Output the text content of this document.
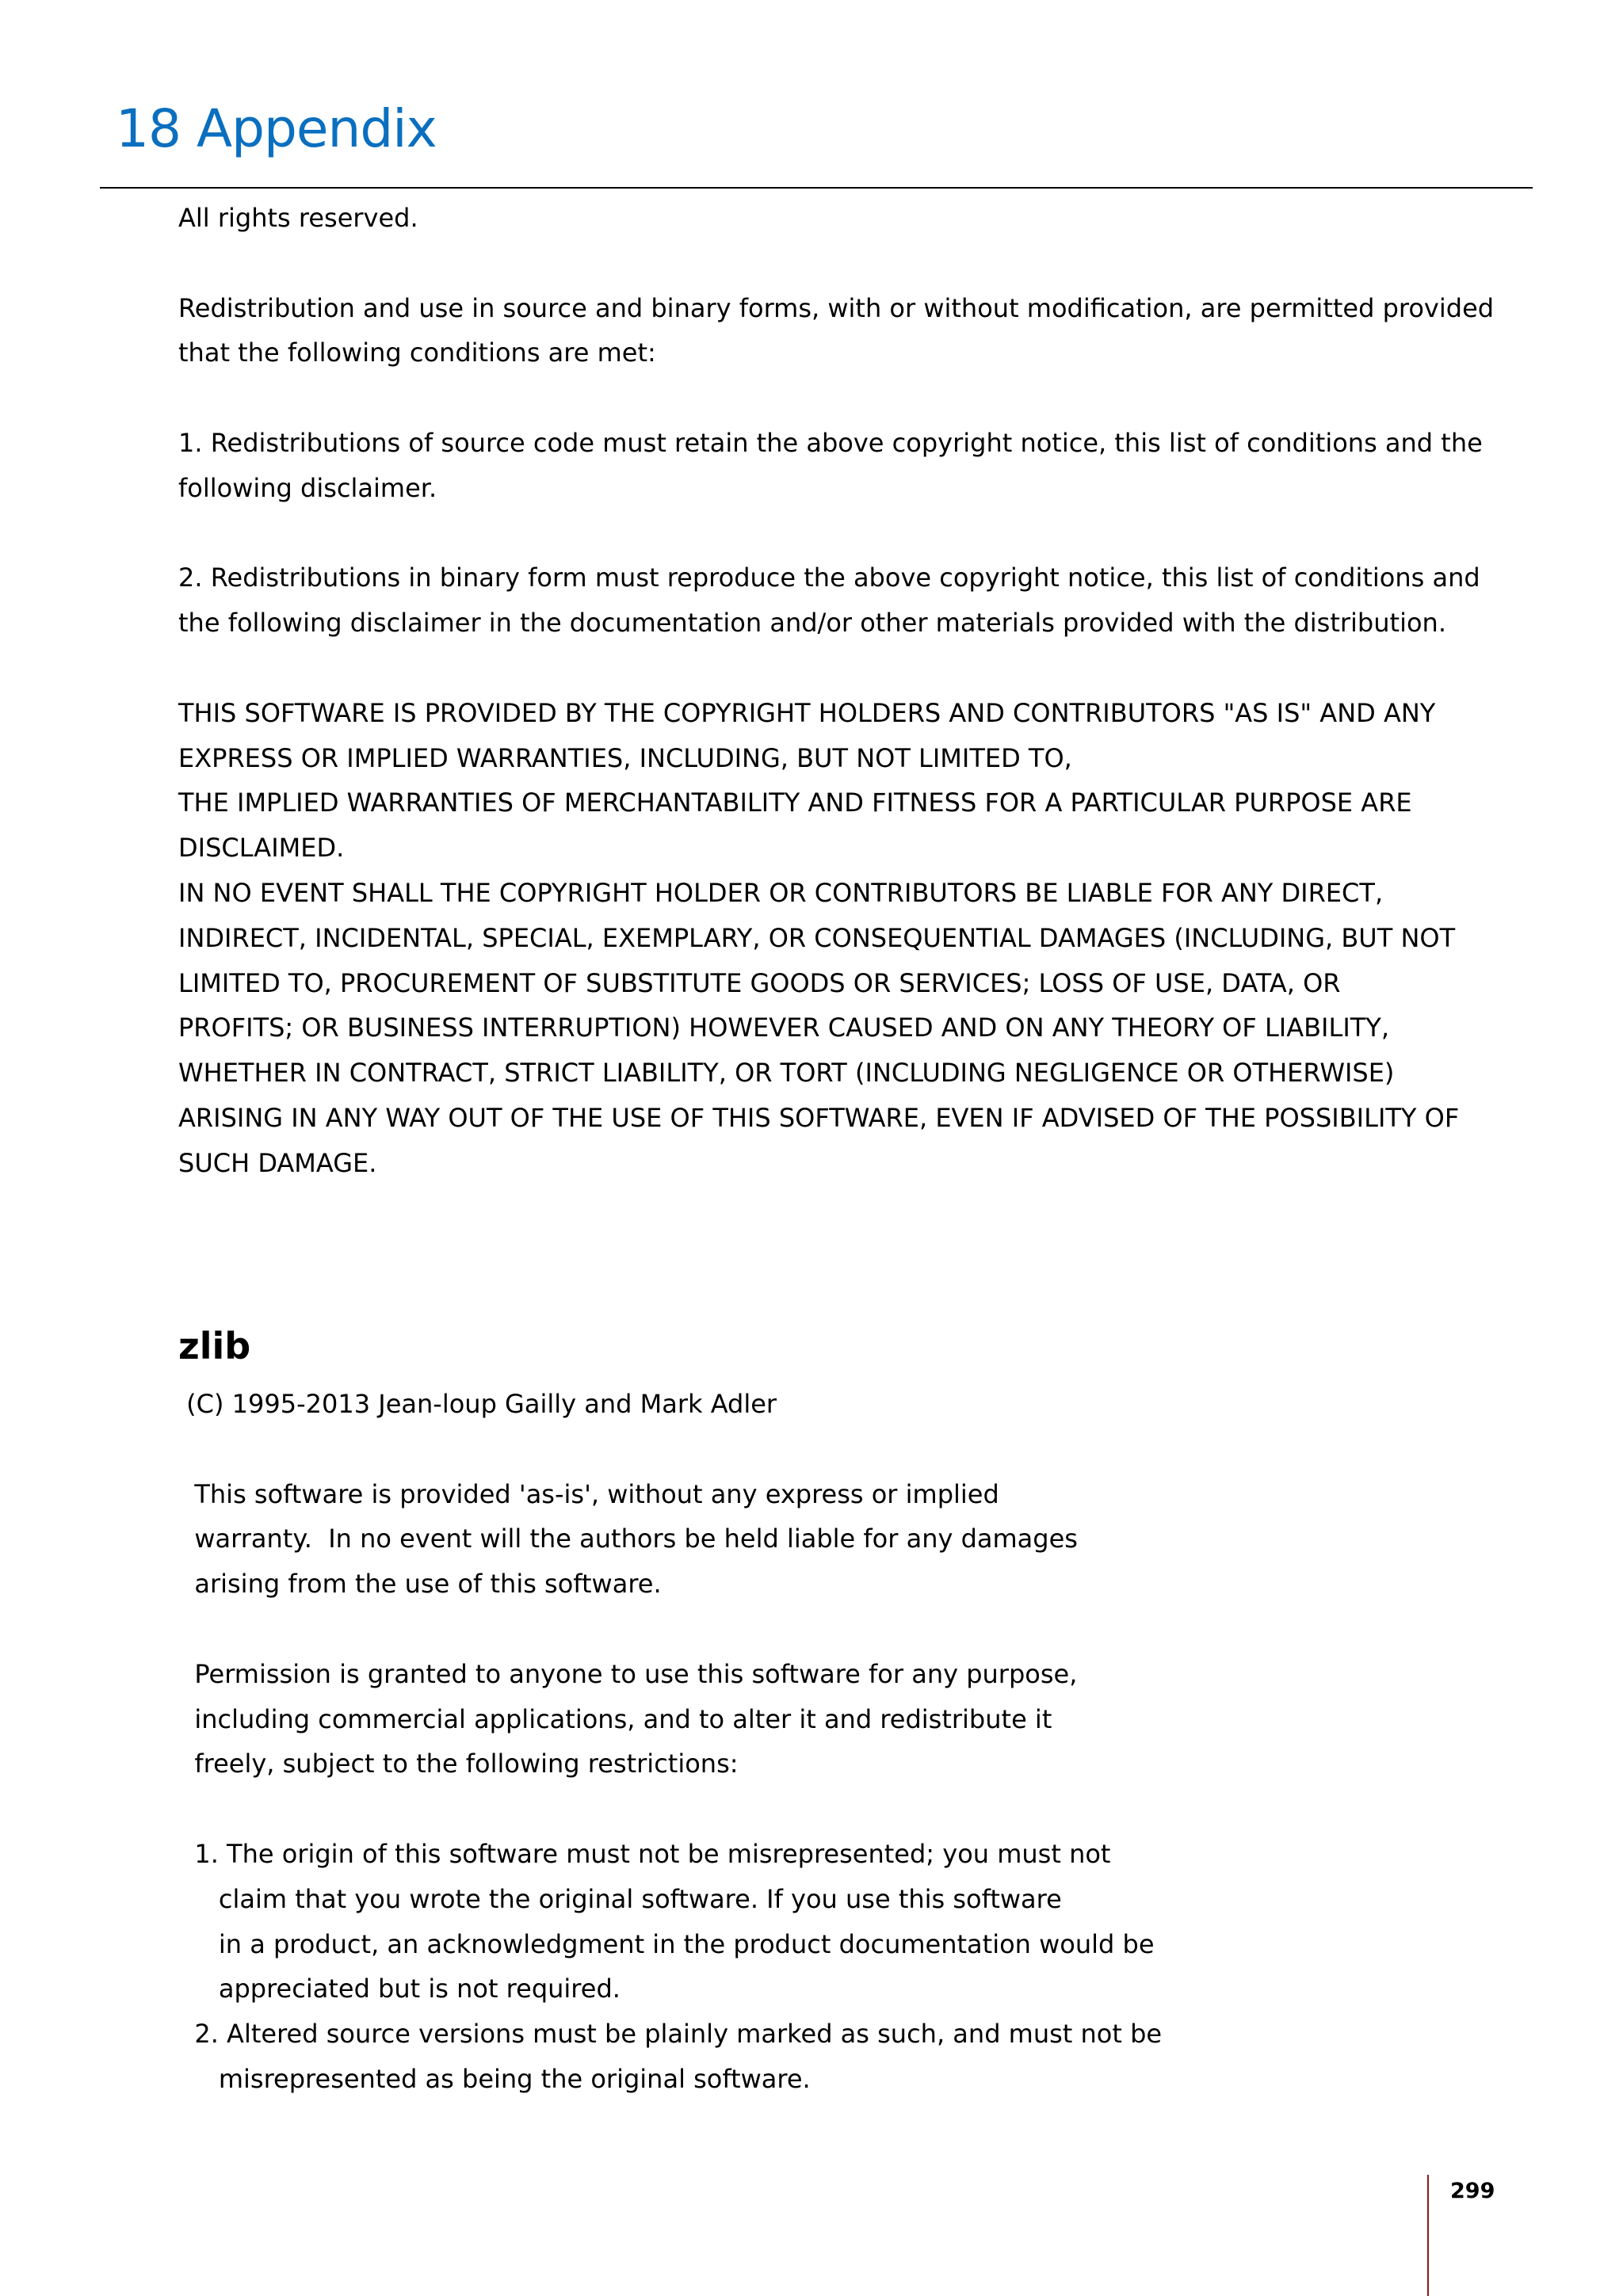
18 Appendix
All rights reserved.
Redistribution and use in source and binary forms, with or without modification, are permitted provided
that the following conditions are met:
1. Redistributions of source code must retain the above copyright notice, this list of conditions and the
following disclaimer.
2. Redistributions in binary form must reproduce the above copyright notice, this list of conditions and
the following disclaimer in the documentation and/or other materials provided with the distribution.
THIS SOFTWARE IS PROVIDED BY THE COPYRIGHT HOLDERS AND CONTRIBUTORS "AS IS" AND ANY
EXPRESS OR IMPLIED WARRANTIES, INCLUDING, BUT NOT LIMITED TO,
THE IMPLIED WARRANTIES OF MERCHANTABILITY AND FITNESS FOR A PARTICULAR PURPOSE ARE
DISCLAIMED.
IN NO EVENT SHALL THE COPYRIGHT HOLDER OR CONTRIBUTORS BE LIABLE FOR ANY DIRECT,
INDIRECT, INCIDENTAL, SPECIAL, EXEMPLARY, OR CONSEQUENTIAL DAMAGES (INCLUDING, BUT NOT
LIMITED TO, PROCUREMENT OF SUBSTITUTE GOODS OR SERVICES; LOSS OF USE, DATA, OR
PROFITS; OR BUSINESS INTERRUPTION) HOWEVER CAUSED AND ON ANY THEORY OF LIABILITY,
WHETHER IN CONTRACT, STRICT LIABILITY, OR TORT (INCLUDING NEGLIGENCE OR OTHERWISE)
ARISING IN ANY WAY OUT OF THE USE OF THIS SOFTWARE, EVEN IF ADVISED OF THE POSSIBILITY OF
SUCH DAMAGE.
zlib
(C) 1995-2013 Jean-loup Gailly and Mark Adler
This software is provided 'as-is', without any express or implied
warranty.  In no event will the authors be held liable for any damages
arising from the use of this software.
Permission is granted to anyone to use this software for any purpose,
including commercial applications, and to alter it and redistribute it
freely, subject to the following restrictions:
1. The origin of this software must not be misrepresented; you must not
claim that you wrote the original software. If you use this software
in a product, an acknowledgment in the product documentation would be
appreciated but is not required.
2. Altered source versions must be plainly marked as such, and must not be
misrepresented as being the original software.
299
